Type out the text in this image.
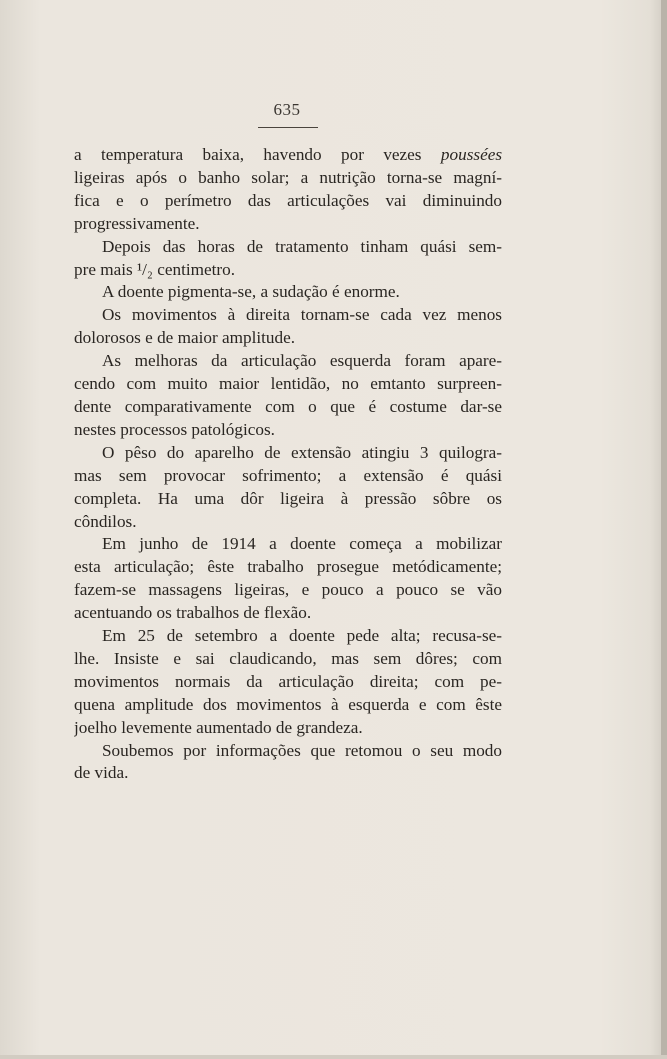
635

a temperatura baixa, havendo por vezes poussées
ligeiras após o banho solar; a nutrição torna-se magní-
fica e o perímetro das articulações vai diminuindo
progressivamente.

Depois das horas de tratamento tinham quási sem-
pre mais ¹/₂ centimetro.

A doente pigmenta-se, a sudação é enorme.

Os movimentos à direita tornam-se cada vez menos
dolorosos e de maior amplitude.

As melhoras da articulação esquerda foram apare-
cendo com muito maior lentidão, no emtanto surpreen-
dente comparativamente com o que é costume dar-se
nestes processos patológicos.

O pêso do aparelho de extensão atingiu 3 quilogra-
mas sem provocar sofrimento; a extensão é quási
completa. Ha uma dôr ligeira à pressão sôbre os
côndilos.

Em junho de 1914 a doente começa a mobilizar
esta articulação; êste trabalho prosegue metódicamente;
fazem-se massagens ligeiras, e pouco a pouco se vão
acentuando os trabalhos de flexão.

Em 25 de setembro a doente pede alta; recusa-se-
lhe. Insiste e sai claudicando, mas sem dôres; com
movimentos normais da articulação direita; com pe-
quena amplitude dos movimentos à esquerda e com êste
joelho levemente aumentado de grandeza.

Soubemos por informações que retomou o seu modo
de vida.
